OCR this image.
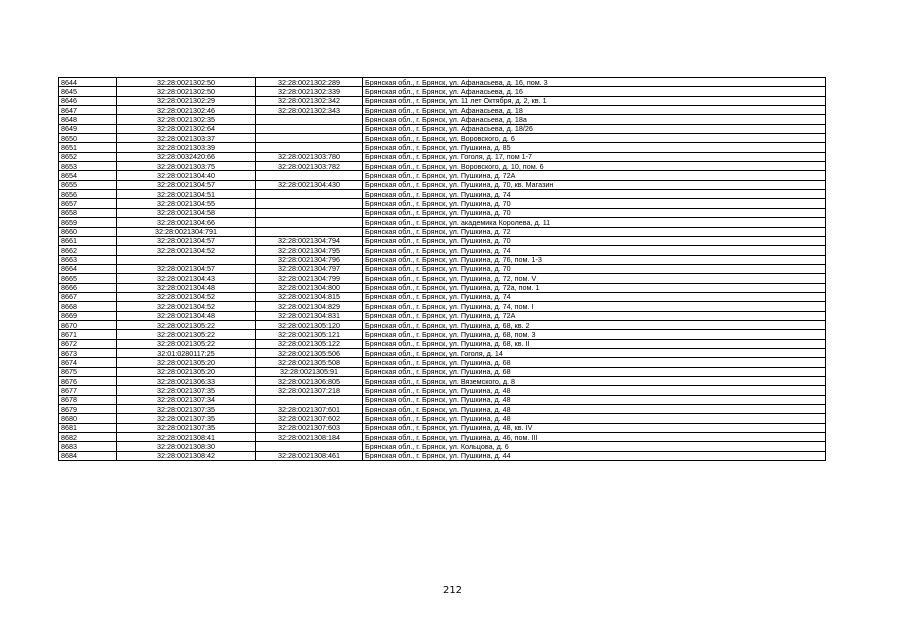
8644	32:28:0021302:50	32:28:0021302:289	Брянская обл., г. Брянск, ул. Афанасьева, д. 16, пом. 3
8645	32:28:0021302:50	32:28:0021302:339	Брянская обл., г. Брянск, ул. Афанасьева, д. 16
8646	32:28:0021302:29	32:28:0021302:342	Брянская обл., г. Брянск, ул. 11 лет Октября, д. 2, кв. 1
8647	32:28:0021302:46	32:28:0021302:343	Брянская обл., г. Брянск, ул. Афанасьева, д. 18
8648	32:28:0021302:35		Брянская обл., г. Брянск, ул. Афанасьева, д. 18а
8649	32:28:0021302:64		Брянская обл., г. Брянск, ул. Афанасьева, д. 18/26
8650	32:28:0021303:37		Брянская обл., г. Брянск, ул. Воровского, д. 6
8651	32:28:0021303:39		Брянская обл., г. Брянск, ул. Пушкина, д. 85
8652	32:28:0032420:66	32:28:0021303:780	Брянская обл., г. Брянск, ул. Гоголя, д. 17, пом 1-7
8653	32:28:0021303:75	32:28:0021303:782	Брянская обл., г. Брянск, ул. Воровского, д. 10, пом. 6
8654	32:28:0021304:40		Брянская обл., г. Брянск, ул. Пушкина, д. 72А
8655	32:28:0021304:57	32:28:0021304:430	Брянская обл., г. Брянск, ул. Пушкина, д. 70, кв. Магазин
8656	32:28:0021304:51		Брянская обл., г. Брянск, ул. Пушкина, д. 74
8657	32:28:0021304:55		Брянская обл., г. Брянск, ул. Пушкина, д. 70
8658	32:28:0021304:58		Брянская обл., г. Брянск, ул. Пушкина, д. 70
8659	32:28:0021304:66		Брянская обл., г. Брянск, ул. академика Королева, д. 11
8660	32:28:0021304:791		Брянская обл., г. Брянск, ул. Пушкина, д. 72
8661	32:28:0021304:57	32:28:0021304:794	Брянская обл., г. Брянск, ул. Пушкина, д. 70
8662	32:28:0021304:52	32:28:0021304:795	Брянская обл., г. Брянск, ул. Пушкина, д. 74
8663		32:28:0021304:796	Брянская обл., г. Брянск, ул. Пушкина, д. 76, пом. 1-3
8664	32:28:0021304:57	32:28:0021304:797	Брянская обл., г. Брянск, ул. Пушкина, д. 70
8665	32:28:0021304:43	32:28:0021304:799	Брянская обл., г. Брянск, ул. Пушкина, д. 72, пом. V
8666	32:28:0021304:48	32:28:0021304:800	Брянская обл., г. Брянск, ул. Пушкина, д. 72а, пом. 1
8667	32:28:0021304:52	32:28:0021304:815	Брянская обл., г. Брянск, ул. Пушкина, д. 74
8668	32:28:0021304:52	32:28:0021304:829	Брянская обл., г. Брянск, ул. Пушкина, д. 74, пом. I
8669	32:28:0021304:48	32:28:0021304:831	Брянская обл., г. Брянск, ул. Пушкина, д. 72А
8670	32:28:0021305:22	32:28:0021305:120	Брянская обл., г. Брянск, ул. Пушкина, д. 68, кв. 2
8671	32:28:0021305:22	32:28:0021305:121	Брянская обл., г. Брянск, ул. Пушкина, д. 68, пом. 3
8672	32:28:0021305:22	32:28:0021305:122	Брянская обл., г. Брянск, ул. Пушкина, д. 68, кв. II
8673	32:01:0280117:25	32:28:0021305:506	Брянская обл., г. Брянск, ул. Гоголя, д. 14
8674	32:28:0021305:20	32:28:0021305:508	Брянская обл., г. Брянск, ул. Пушкина, д. 68
8675	32:28:0021305:20	32:28:0021305:91	Брянская обл., г. Брянск, ул. Пушкина, д. 68
8676	32:28:0021306:33	32:28:0021306:805	Брянская обл., г. Брянск, ул. Вяземского, д. 8
8677	32:28:0021307:35	32:28:0021307:218	Брянская обл., г. Брянск, ул. Пушкина, д. 48
8678	32:28:0021307:34		Брянская обл., г. Брянск, ул. Пушкина, д. 48
8679	32:28:0021307:35	32:28:0021307:601	Брянская обл., г. Брянск, ул. Пушкина, д. 48
8680	32:28:0021307:35	32:28:0021307:602	Брянская обл., г. Брянск, ул. Пушкина, д. 48
8681	32:28:0021307:35	32:28:0021307:603	Брянская обл., г. Брянск, ул. Пушкина, д. 48, кв. IV
8682	32:28:0021308:41	32:28:0021308:184	Брянская обл., г. Брянск, ул. Пушкина, д. 46, пом. III
8683	32:28:0021308:30		Брянская обл., г. Брянск, ул. Кольцова, д. 6
8684	32:28:0021308:42	32:28:0021308:461	Брянская обл., г. Брянск, ул. Пушкина, д. 44
212
